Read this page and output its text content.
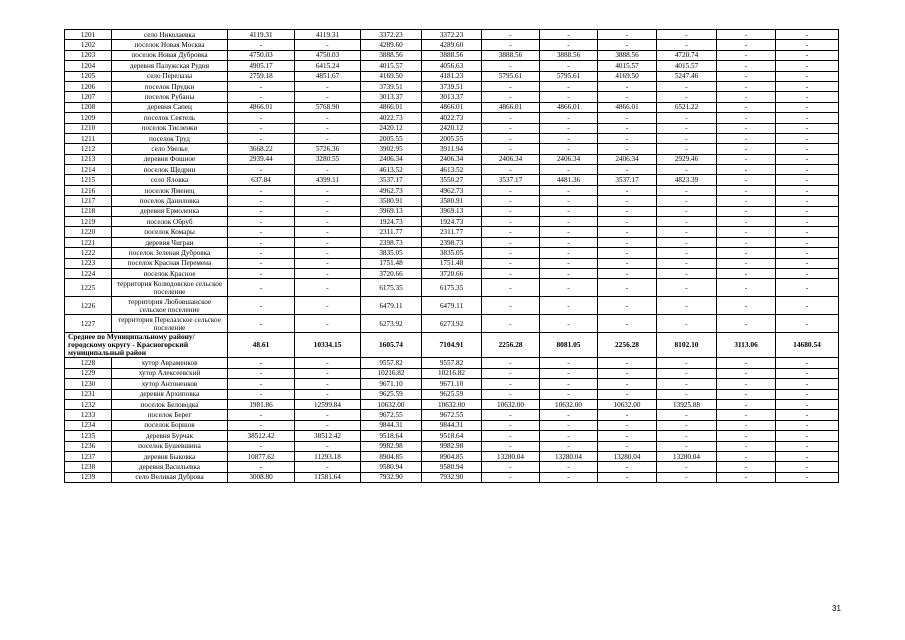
1201	село Николаевка	4119.31	4119.31	3372.23	3372.23	-	-	-	-	-	-
1202	поселок Новая Москва	-	-	4289.60	4289.60	-	-	-	-	-	-
1203	поселок Новая Дубровка	4750.03	4750.03	3888.56	3888.56	3888.56	3888.56	3888.56	4720.74	-	-
1204	деревня Палужская Рудня	4905.17	6415.24	4015.57	4056.63	-	-	4015.57	4015.57	-	-
1205	село Перелазы	2759.18	4851.67	4169.50	4181.23	5795.61	5795.61	4169.50	5247.46	-	-
1206	поселок Прудки	-	-	3739.51	3739.51	-	-	-	-	-	-
1207	поселок Рубаны	-	-	3013.37	3013.37	-	-	-	-	-	-
1208	деревня Сапец	4866.01	5768.90	4866.01	4866.01	4866.01	4866.01	4866.01	6521.22	-	-
1209	поселок Сеятель	-	-	4022.73	4022.73	-	-	-	-	-	-
1210	поселок Тисленки	-	-	2420.12	2420.12	-	-	-	-	-	-
1211	поселок Труд	-	-	2005.55	2005.55	-	-	-	-	-	-
1212	село Увелье	3668.22	5726.36	3902.95	3911.94	-	-	-	-	-	-
1213	деревня Фошное	2939.44	3280.55	2406.34	2406.34	2406.34	2406.34	2406.34	2929.46	-	-
1214	поселок Щедрин	-	-	4613.52	4613.52	-	-	-	-	-	-
1215	село Яловка	637.84	4399.11	3537.17	3550.27	3537.17	4481.36	3537.17	4823.39	-	-
1216	поселок Яменец	-	-	4962.73	4962.73	-	-	-	-	-	-
1217	поселок Даниловка	-	-	3580.91	3580.91	-	-	-	-	-	-
1218	деревня Ермоленка	-	-	3969.13	3969.13	-	-	-	-	-	-
1219	поселок Обруб	-	-	1924.73	1924.73	-	-	-	-	-	-
1220	поселок Комары	-	-	2311.77	2311.77	-	-	-	-	-	-
1221	деревня Чиграи	-	-	2398.73	2398.73	-	-	-	-	-	-
1222	поселок Зеленая Дубровка	-	-	3835.05	3835.05	-	-	-	-	-	-
1223	поселок Красная Перемена	-	-	1751.48	1751.48	-	-	-	-	-	-
1224	поселок Красное	-	-	3720.66	3720.66	-	-	-	-	-	-
1225	территория Колюдовское сельское поселение	-	-	6175.35	6175.35	-	-	-	-	-	-
1226	территория Любовшанское сельское поселение	-	-	6479.11	6479.11	-	-	-	-	-	-
1227	территория Перелазское сельское поселение	-	-	6273.92	6273.92	-	-	-	-	-	-
Среднее по Муниципальному району/городскому округу - Красногорский муниципальный район		48.61	10334.15	1605.74	7104.91	2256.28	8081.05	2256.28	8102.10	3113.06	14680.54
1228	хутор Авраменков	-	-	9557.82	9557.82	-	-	-	-	-	-
1229	хутор Алексеевский	-	-	10216.82	10216.82	-	-	-	-	-	-
1230	хутор Антоненков	-	-	9671.10	9671.10	-	-	-	-	-	-
1231	деревня Архиповка	-	-	9625.59	9625.59	-	-	-	-	-	-
1232	поселок Беловодка	1981.86	12599.84	10632.00	10632.00	10632.00	10632.00	10632.00	13925.88	-	-
1233	поселок Берег	-	-	9672.55	9672.55	-	-	-	-	-	-
1234	поселок Боршов	-	-	9844.31	9844.31	-	-	-	-	-	-
1235	деревня Бурчак	38512.42	38512.42	9518.64	9518.64	-	-	-	-	-	-
1236	поселок Бушевшина	-	-	9982.98	9982.98	-	-	-	-	-	-
1237	деревня Быковка	10877.62	11293.18	8904.85	8904.85	13280.04	13280.04	13280.04	13280.04	-	-
1238	деревня Васильевка	-	-	9580.94	9580.94	-	-	-	-	-	-
1239	село Великая Дуброва	3008.80	11581.64	7932.90	7932.90	-	-	-	-	-	-
31
